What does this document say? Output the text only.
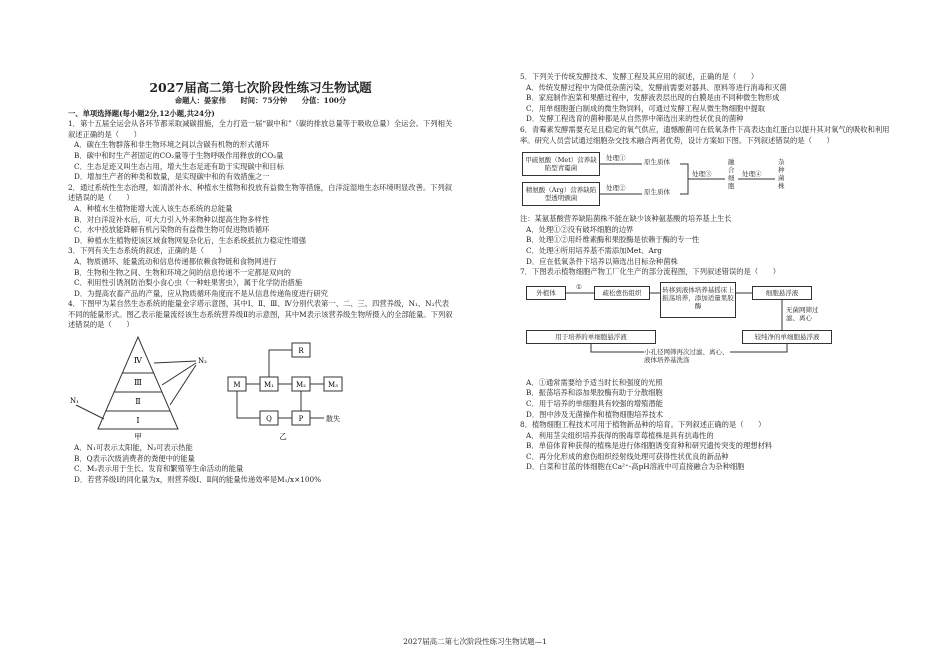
2027届高二第七次阶段性练习生物试题
命题人：晏家伟　　时间：75分钟　　分值：100分
一、单项选择题(每小题2分,12小题,共24分)
1．第十五届全运会从各环节都采取减碳措施，全力打造一届“碳中和”（碳的排放总量等于吸收总量）全运会。下列相关叙述正确的是（　　）
A．碳在生物群落和非生物环境之间以含碳有机物的形式循环
B．碳中和时生产者固定的CO₂量等于生物呼吸作用释放的CO₂量
C．生态足迹又叫生态占用，增大生态足迹有助于实现碳中和目标
D．增加生产者的种类和数量，是实现碳中和的有效措施之一
2．通过系统性生态治理，如清淤补水、种植水生植物和投放有益微生物等措施，白洋淀湿地生态环境明显改善。下列叙述错误的是（　　）
A．种植水生植物能增大流入该生态系统的总能量
B．对白洋淀补水后，可大力引入外来物种以提高生物多样性
C．水中投放能降解有机污染物的有益微生物可促进物质循环
D．种植水生植物使该区域食物网复杂化后，生态系统抵抗力稳定性增强
3．下列有关生态系统的叙述，正确的是（　　）
A．物质循环、能量流动和信息传递都依赖食物链和食物网进行
B．生物和生物之间、生物和环境之间的信息传递不一定都是双向的
C．利用性引诱剂防治梨小食心虫（一种蛀果害虫），属于化学防治措施
D．为提高农畜产品的产量，应从物质循环角度而不是从信息传递角度进行研究
4．下图甲为某自然生态系统的能量金字塔示意图，其中Ⅰ、Ⅱ、Ⅲ、Ⅳ分别代表第一、二、三、四营养级，N₁、N₂代表不同的能量形式。图乙表示能量流经该生态系统营养级Ⅱ的示意图，其中M表示该营养级生物所摄入的全部能量。下列叙述错误的是（　　）
Ⅳ
Ⅲ
Ⅱ
Ⅰ
N₁
N₂
甲
M	M₁	M₂	M₃
R
Q	P	散失
乙
A．N₁可表示太阳能，N₂可表示热能
B．Q表示次级消费者的粪便中的能量
C．M₂表示用于生长、发育和繁殖等生命活动的能量
D．若营养级Ⅰ的同化量为x，则营养级Ⅰ、Ⅱ间的能量传递效率是M₁/x×100%
5．下列关于传统发酵技术、发酵工程及其应用的叙述，正确的是（　　）
A．传统发酵过程中为降低杂菌污染，发酵前需要对器具、原料等进行消毒和灭菌
B．家庭制作泡菜和果醋过程中，发酵液表层出现的白膜是由不同种微生物形成
C．用单细胞蛋白制成的微生物饲料，可通过发酵工程从微生物细胞中提取
D．发酵工程选育的菌种都是从自然界中筛选出来的性状优良的菌种
6．青霉素发酵需要充足且稳定的氧气供应，遗憾酿菌可在低氧条件下高表达血红蛋白以提升其对氧气的吸收和利用率。研究人员尝试通过细胞杂交技术融合两者优势，设计方案如下图。下列叙述错误的是（　　）
甲硫氨酸（Met）营养缺陷型青霉菌
精氨酸（Arg）营养缺陷型透明颤菌
处理①
处理②
原生质体
原生质体
处理③
融合细胞
处理④
杂种菌株
注：某氨基酸营养缺陷菌株不能在缺少该种氨基酸的培养基上生长
A．处理①②没有破坏细胞的边界
B．处理①②用纤维素酶和果胶酶是依赖于酶的专一性
C．处理④所用培养基不需添加Met、Arg
D．应在低氧条件下培养以筛选出目标杂种菌株
7．下图表示植物细胞产物工厂化生产的部分流程图，下列叙述错误的是（　　）
外植体
①
疏松愈伤组织	转移到液体培养基摇床上振荡培养，添加适量果胶酶
细胞悬浮液
无菌网筛过滤、离心
较纯净的单细胞悬浮液
用于培养的单细胞悬浮液
小孔径网筛再次过滤、离心、液体培养基洗涤
A．①通常需要给予适当时长和强度的光照
B．振荡培养和添加果胶酶有助于分散细胞
C．用于培养的单细胞具有较强的增殖潜能
D．图中涉及无菌操作和植物细胞培养技术
8．植物细胞工程技术可用于植物新品种的培育。下列叙述正确的是（　　）
A．利用茎尖组织培养获得的脱毒草莓植株是具有抗毒性的
B．单倍体育种获得的植株是进行体细胞诱变育种和研究遗传突变的理想材料
C．再分化形成的愈伤组织经射线处理可获得性状优良的新品种
D．白菜和甘蓝的体细胞在Ca²⁺-高pH溶液中可直接融合为杂种细胞
2027届高二第七次阶段性练习生物试题—1
